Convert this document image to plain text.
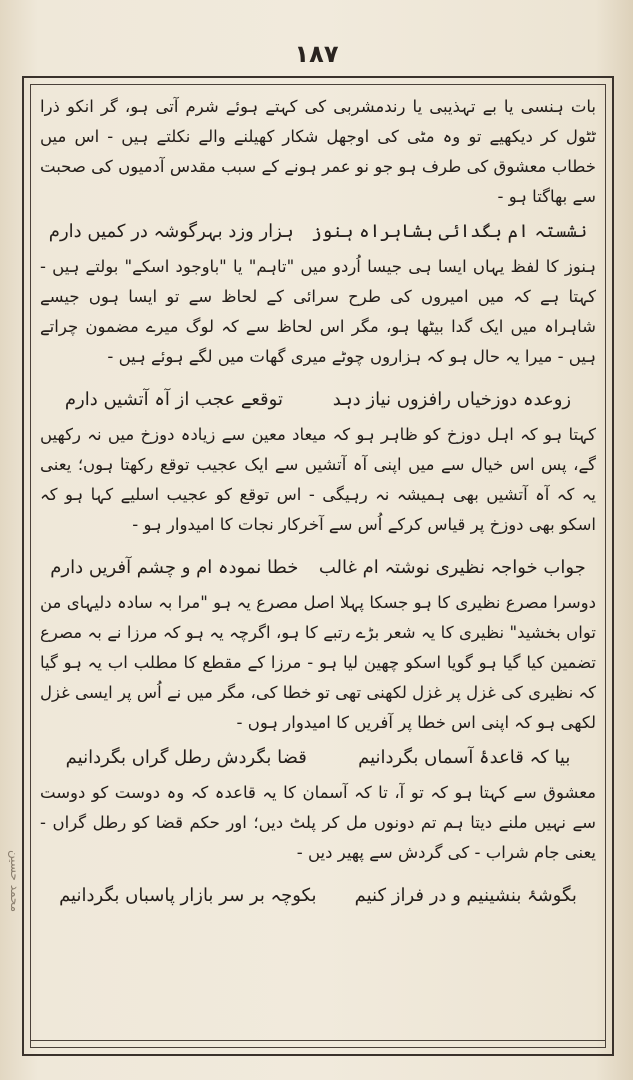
۱۸۷
محمد حسین

بات ہنسی یا بے تہذیبی یا رندمشربی کی کہتے ہوئے شرم آتی ہو، گر انکو ذرا ٹٹول کر دیکھیے تو وہ مٹی کی اوجھل شکار کھیلنے والے نکلتے ہیں - اس میں خطاب معشوق کی طرف ہو جو نو عمر ہونے کے سبب مقدس آدمیوں کی صحبت سے بھاگتا ہو -

نشستہ ام بگدائی بشاہراہ ہنوز
ہزار وزد بہرگوشہ در کمیں دارم

ہنوز کا لفظ یہاں ایسا ہی جیسا اُردو میں "تاہم" یا "باوجود اسکے" بولتے ہیں - کہتا ہے کہ میں امیروں کی طرح سرائی کے لحاظ سے تو ایسا ہوں جیسے شاہراہ میں ایک گدا بیٹھا ہو، مگر اس لحاظ سے کہ لوگ میرے مضمون چراتے ہیں - میرا یہ حال ہو کہ ہزاروں چوٹے میری گھات میں لگے ہوئے ہیں -

زوعدہ دوزخیاں رافزوں نیاز دہد
توقعے عجب از آہ آتشیں دارم

کہتا ہو کہ اہل دوزخ کو ظاہر ہو کہ میعاد معین سے زیادہ دوزخ میں نہ رکھیں گے، پس اس خیال سے میں اپنی آہ آتشیں سے ایک عجیب توقع رکھتا ہوں؛ یعنی یہ کہ آہ آتشیں بھی ہمیشہ نہ رہیگی - اس توقع کو عجیب اسلیے کہا ہو کہ اسکو بھی دوزخ پر قیاس کرکے اُس سے آخرکار نجات کا امیدوار ہو -

جواب خواجہ نظیری نوشتہ ام غالب
خطا نمودہ ام و چشم آفریں دارم

دوسرا مصرع نظیری کا ہو جسکا پہلا اصل مصرع یہ ہو "مرا بہ سادہ دلیہای من تواں بخشید" نظیری کا یہ شعر بڑے رتبے کا ہو، اگرچہ یہ ہو کہ مرزا نے بہ مصرع تضمین کیا گیا ہو گویا اسکو چھین لیا ہو - مرزا کے مقطع کا مطلب اب یہ ہو گیا کہ نظیری کی غزل پر غزل لکھنی تھی تو خطا کی، مگر میں نے اُس پر ایسی غزل لکھی ہو کہ اپنی اس خطا پر آفریں کا امیدوار ہوں -

بیا کہ قاعدۂ آسماں بگردانیم
قضا بگردش رطل گراں بگردانیم

معشوق سے کہتا ہو کہ تو آ، تا کہ آسمان کا یہ قاعدہ کہ وہ دوست کو دوست سے نہیں ملنے دیتا ہم تم دونوں مل کر پلٹ دیں؛ اور حکم قضا کو رطل گراں - یعنی جام شراب - کی گردش سے پھیر دیں -

بگوشۂ بنشینیم و در فراز کنیم
بکوچہ بر سر بازار پاسباں بگردانیم
